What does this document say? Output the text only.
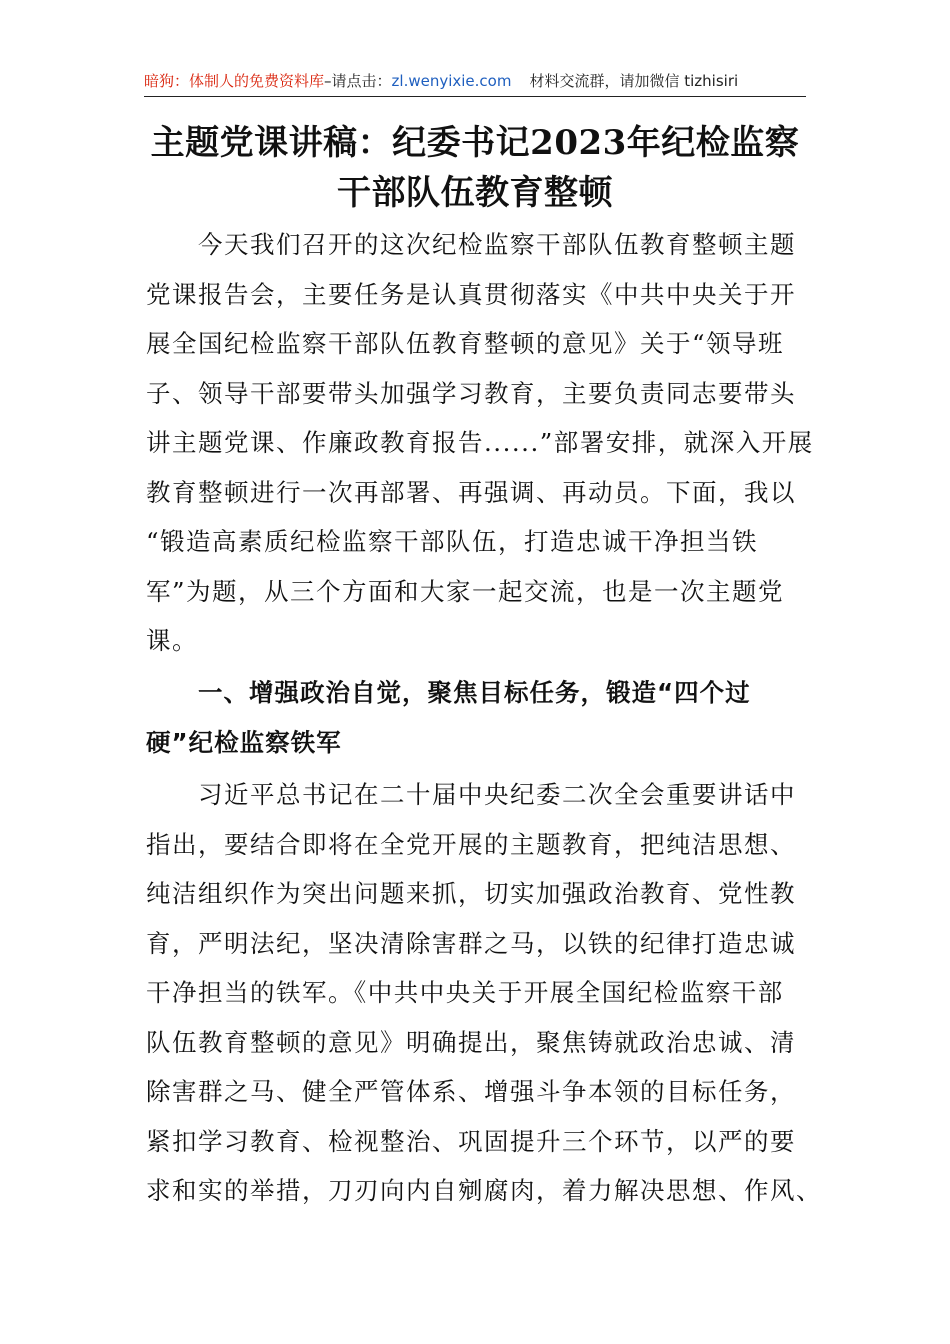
暗狗：体制人的免费资料库–请点击：zl.wenyixie.com 材料交流群，请加微信 tizhisiri
主题党课讲稿：纪委书记2023年纪检监察
干部队伍教育整顿
今天我们召开的这次纪检监察干部队伍教育整顿主题
党课报告会，主要任务是认真贯彻落实《中共中央关于开
展全国纪检监察干部队伍教育整顿的意见》关于“领导班
子、领导干部要带头加强学习教育，主要负责同志要带头
讲主题党课、作廉政教育报告......”部署安排，就深入开展
教育整顿进行一次再部署、再强调、再动员。下面，我以
“锻造高素质纪检监察干部队伍，打造忠诚干净担当铁
军”为题，从三个方面和大家一起交流，也是一次主题党
课。
一、增强政治自觉，聚焦目标任务，锻造“四个过
硬”纪检监察铁军
习近平总书记在二十届中央纪委二次全会重要讲话中
指出，要结合即将在全党开展的主题教育，把纯洁思想、
纯洁组织作为突出问题来抓，切实加强政治教育、党性教
育，严明法纪，坚决清除害群之马，以铁的纪律打造忠诚
干净担当的铁军。《中共中央关于开展全国纪检监察干部
队伍教育整顿的意见》明确提出，聚焦铸就政治忠诚、清
除害群之马、健全严管体系、增强斗争本领的目标任务，
紧扣学习教育、检视整治、巩固提升三个环节，以严的要
求和实的举措，刀刃向内自剜腐肉，着力解决思想、作风、
